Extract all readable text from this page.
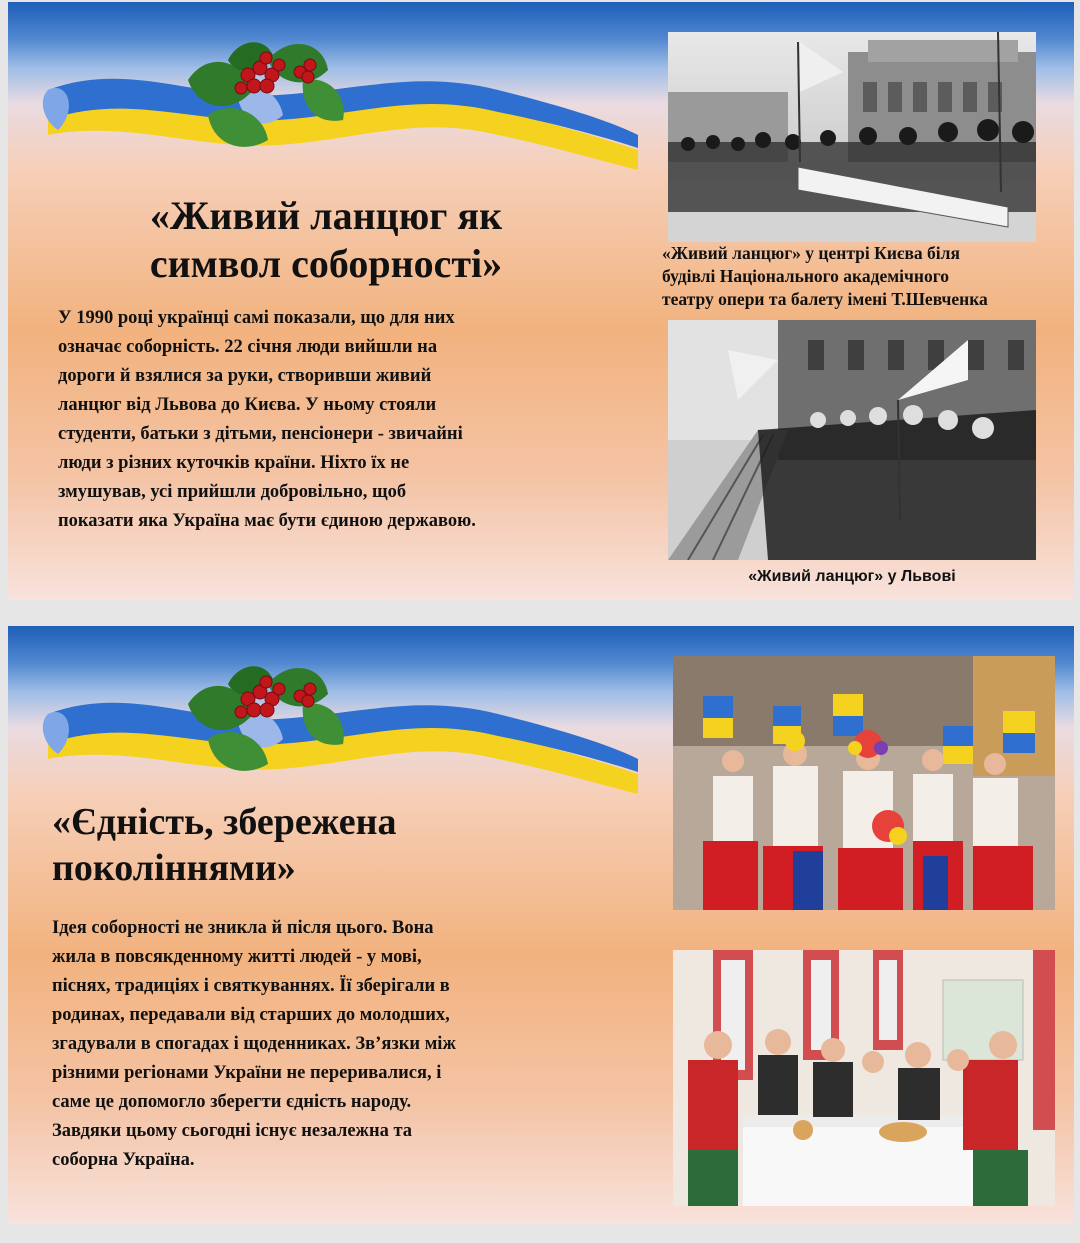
«Живий ланцюг як
символ соборності»

У 1990 році українці самі показали, що для них
означає соборність. 22 січня люди вийшли на
дороги й взялися за руки, створивши живий
ланцюг від Львова до Києва. У ньому стояли
студенти, батьки з дітьми, пенсіонери - звичайні
люди з різних куточків країни. Ніхто їх не
змушував, усі прийшли добровільно, щоб
показати яка Україна має бути єдиною державою.

«Живий ланцюг» у центрі Києва біля
будівлі Національного академічного
театру опери та балету імені Т.Шевченка

«Живий ланцюг» у Львові

«Єдність, збережена
поколіннями»

Ідея соборності не зникла й після цього. Вона
жила в повсякденному житті людей - у мові,
піснях, традиціях і святкуваннях. Її зберігали в
родинах, передавали від старших до молодших,
згадували в спогадах і щоденниках. Зв’язки між
різними регіонами України не переривалися, і
саме це допомогло зберегти єдність народу.
Завдяки цьому сьогодні існує незалежна та
соборна Україна.
